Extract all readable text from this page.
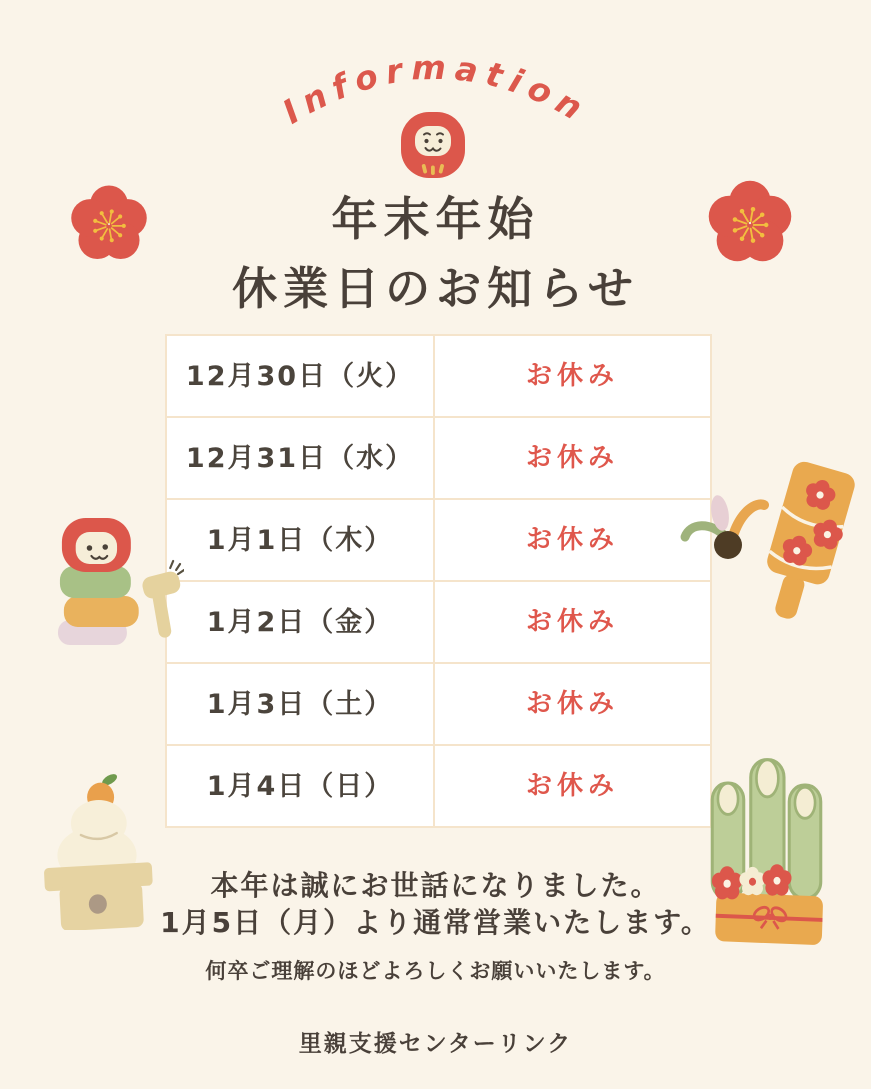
Information
年末年始
休業日のお知らせ
12月30日（火）	お休み
12月31日（水）	お休み
1月1日（木）	お休み
1月2日（金）	お休み
1月3日（土）	お休み
1月4日（日）	お休み

本年は誠にお世話になりました。

1月5日（月）より通常営業いたします。

何卒ご理解のほどよろしくお願いいたします。

里親支援センターリンク
